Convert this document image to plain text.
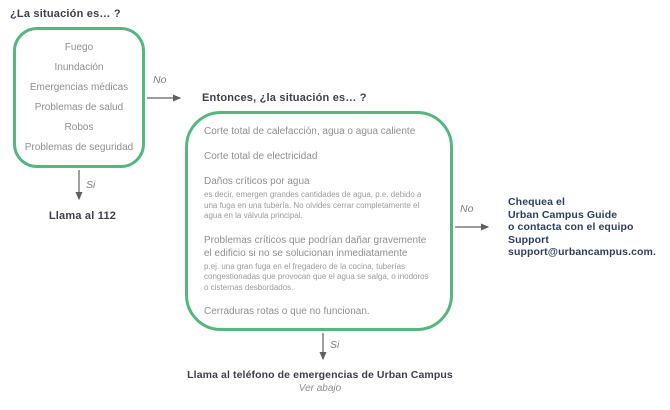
¿La situación es… ?
Fuego
Inundación
Emergencias médicas
Problemas de salud
Robos
Problemas de seguridad
No
Si
Llama al 112
Entonces, ¿la situación es… ?
Corte total de calefacción, agua o agua caliente
Corte total de electricidad
Daños críticos por agua
es decir, emergen grandes cantidades de agua, p.e. debido a una fuga en una tubería. No olvides cerrar completamente el agua en la válvula principal.
Problemas críticos que podrían dañar gravemente el edificio si no se solucionan inmediatamente
p.ej. una gran fuga en el fregadero de la cocina, tuberías congestionadas que provocan que el agua se salga, o inodoros o cisternas desbordados.
Cerraduras rotas o que no funcionan.
No
Si
Chequea el
Urban Campus Guide
o contacta con el equipo
Support
support@urbancampus.com.
Llama al teléfono de emergencias de Urban Campus
Ver abajo
